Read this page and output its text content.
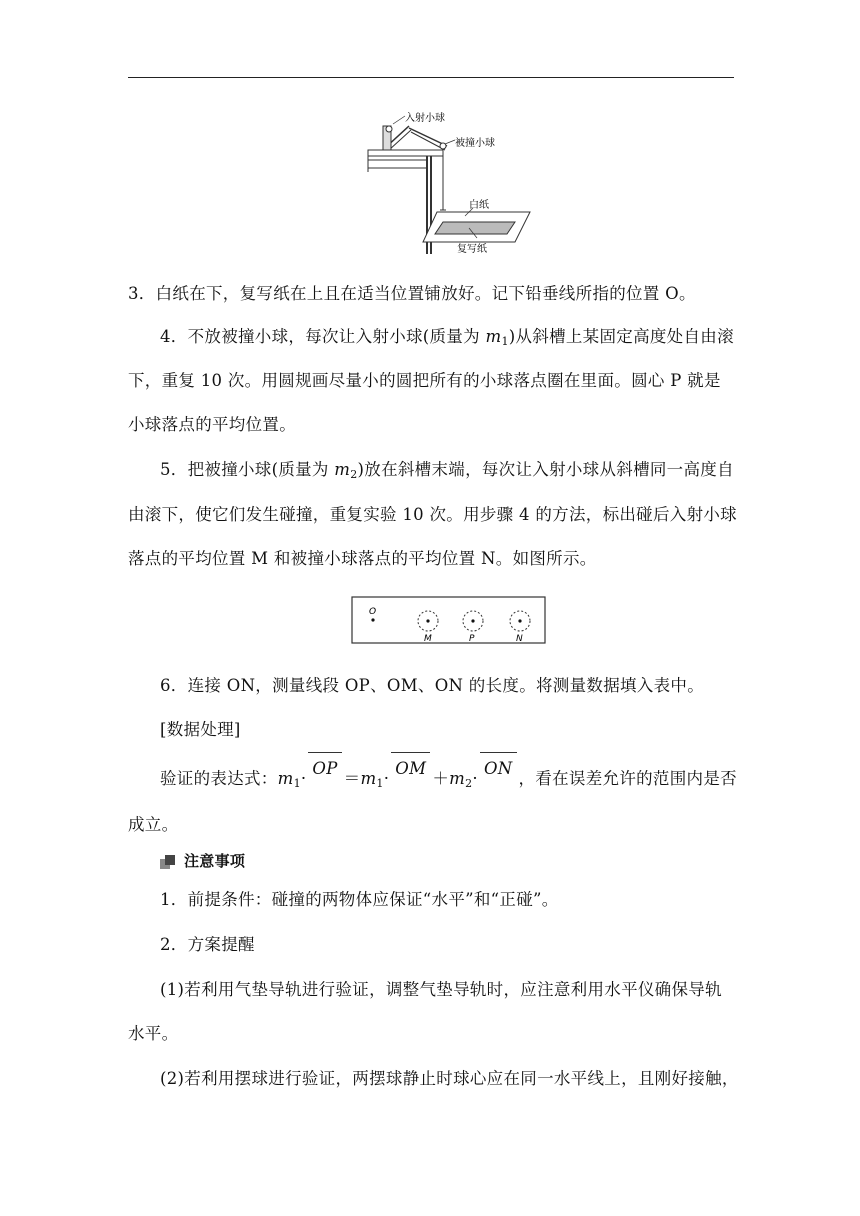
入射小球
被撞小球
白纸
复写纸
3．白纸在下，复写纸在上且在适当位置铺放好。记下铅垂线所指的位置 O。
4．不放被撞小球，每次让入射小球(质量为 $m_1$)从斜槽上某固定高度处自由滚
下，重复 10 次。用圆规画尽量小的圆把所有的小球落点圈在里面。圆心 P 就是
小球落点的平均位置。
5．把被撞小球(质量为 $m_2$)放在斜槽末端，每次让入射小球从斜槽同一高度自
由滚下，使它们发生碰撞，重复实验 10 次。用步骤 4 的方法，标出碰后入射小球
落点的平均位置 M 和被撞小球落点的平均位置 N。如图所示。
O
M	P	N
6．连接 ON，测量线段 OP、OM、ON 的长度。将测量数据填入表中。
[数据处理]
验证的表达式：$m_1\cdot OP=m_1\cdot OM+m_2\cdot ON$，看在误差允许的范围内是否
成立。
注意事项
1．前提条件：碰撞的两物体应保证“水平”和“正碰”。
2．方案提醒
(1)若利用气垫导轨进行验证，调整气垫导轨时，应注意利用水平仪确保导轨
水平。
(2)若利用摆球进行验证，两摆球静止时球心应在同一水平线上，且刚好接触，
